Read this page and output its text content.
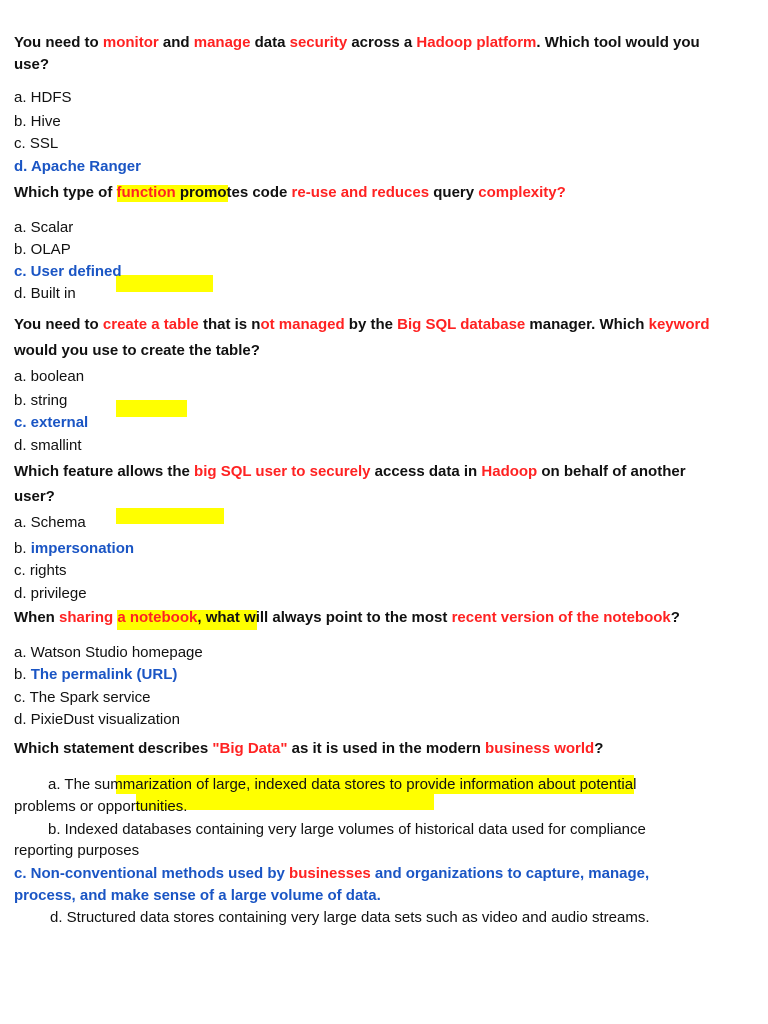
You need to monitor and manage data security across a Hadoop platform. Which tool would you
use?
a. HDFS
b. Hive
c. SSL
d. Apache Ranger
Which type of function promotes code re-use and reduces query complexity?
a. Scalar
b. OLAP
c. User defined
d. Built in
You need to create a table that is not managed by the Big SQL database manager. Which keyword
would you use to create the table?
a. boolean
b. string
c. external
d. smallint
Which feature allows the big SQL user to securely access data in Hadoop on behalf of another
user?
a. Schema
b. impersonation
c. rights
d. privilege
When sharing a notebook, what will always point to the most recent version of the notebook?
a. Watson Studio homepage
b. The permalink (URL)
c. The Spark service
d. PixieDust visualization
Which statement describes "Big Data" as it is used in the modern business world?
a. The summarization of large, indexed data stores to provide information about potential
problems or opportunities.
b. Indexed databases containing very large volumes of historical data used for compliance
reporting purposes
c. Non-conventional methods used by businesses and organizations to capture, manage,
process, and make sense of a large volume of data.
d. Structured data stores containing very large data sets such as video and audio streams.
